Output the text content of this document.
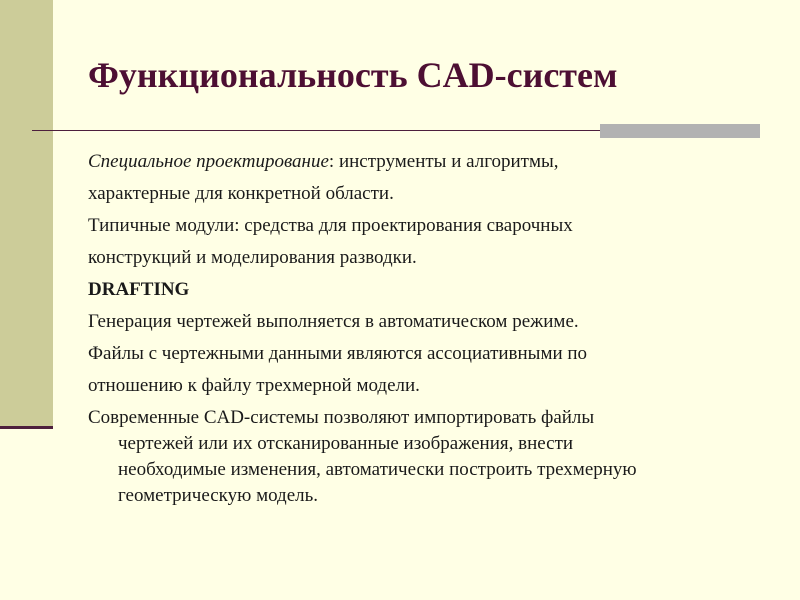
Функциональность CAD-систем
Специальное проектирование: инструменты и алгоритмы,
характерные для конкретной области.
Типичные модули: средства для проектирования сварочных
конструкций и моделирования разводки.
DRAFTING
Генерация чертежей выполняется в автоматическом режиме.
Файлы с чертежными данными являются ассоциативными по
отношению к файлу трехмерной модели.
Современные CAD-системы позволяют импортировать файлы
чертежей или их отсканированные изображения, внести
необходимые изменения, автоматически построить трехмерную
геометрическую модель.
